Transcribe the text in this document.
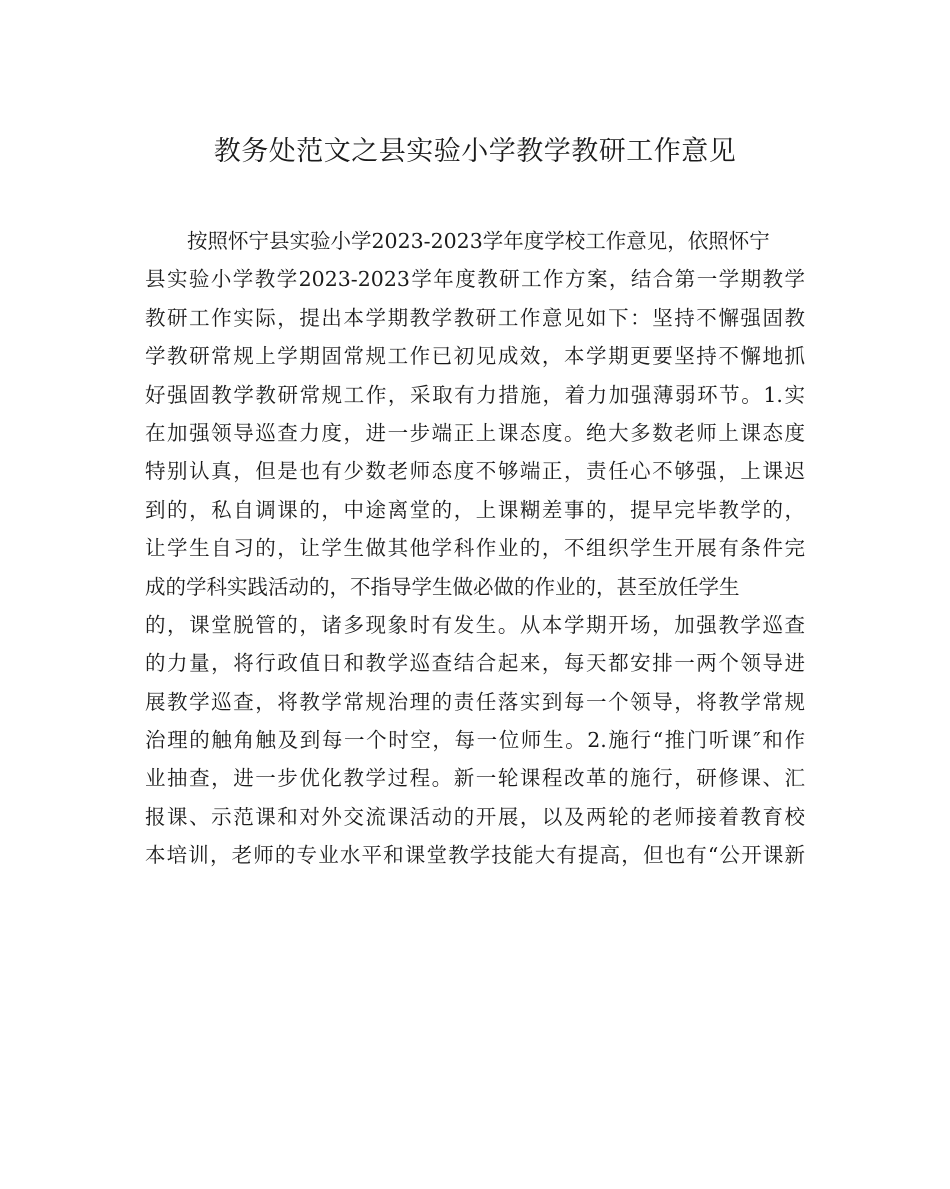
教务处范文之县实验小学教学教研工作意见
按照怀宁县实验小学2023-2023学年度学校工作意见，依照怀宁
县实验小学教学2023-2023学年度教研工作方案，结合第一学期教学
教研工作实际，提出本学期教学教研工作意见如下：坚持不懈强固教
学教研常规上学期固常规工作已初见成效，本学期更要坚持不懈地抓
好强固教学教研常规工作，采取有力措施，着力加强薄弱环节。1.实
在加强领导巡查力度，进一步端正上课态度。绝大多数老师上课态度
特别认真，但是也有少数老师态度不够端正，责任心不够强，上课迟
到的，私自调课的，中途离堂的，上课糊差事的，提早完毕教学的，
让学生自习的，让学生做其他学科作业的，不组织学生开展有条件完
成的学科实践活动的，不指导学生做必做的作业的，甚至放任学生
的，课堂脱管的，诸多现象时有发生。从本学期开场，加强教学巡查
的力量，将行政值日和教学巡查结合起来，每天都安排一两个领导进
展教学巡查，将教学常规治理的责任落实到每一个领导，将教学常规
治理的触角触及到每一个时空，每一位师生。2.施行“推门听课″和作
业抽查，进一步优化教学过程。新一轮课程改革的施行，研修课、汇
报课、示范课和对外交流课活动的开展，以及两轮的老师接着教育校
本培训，老师的专业水平和课堂教学技能大有提高，但也有“公开课新
